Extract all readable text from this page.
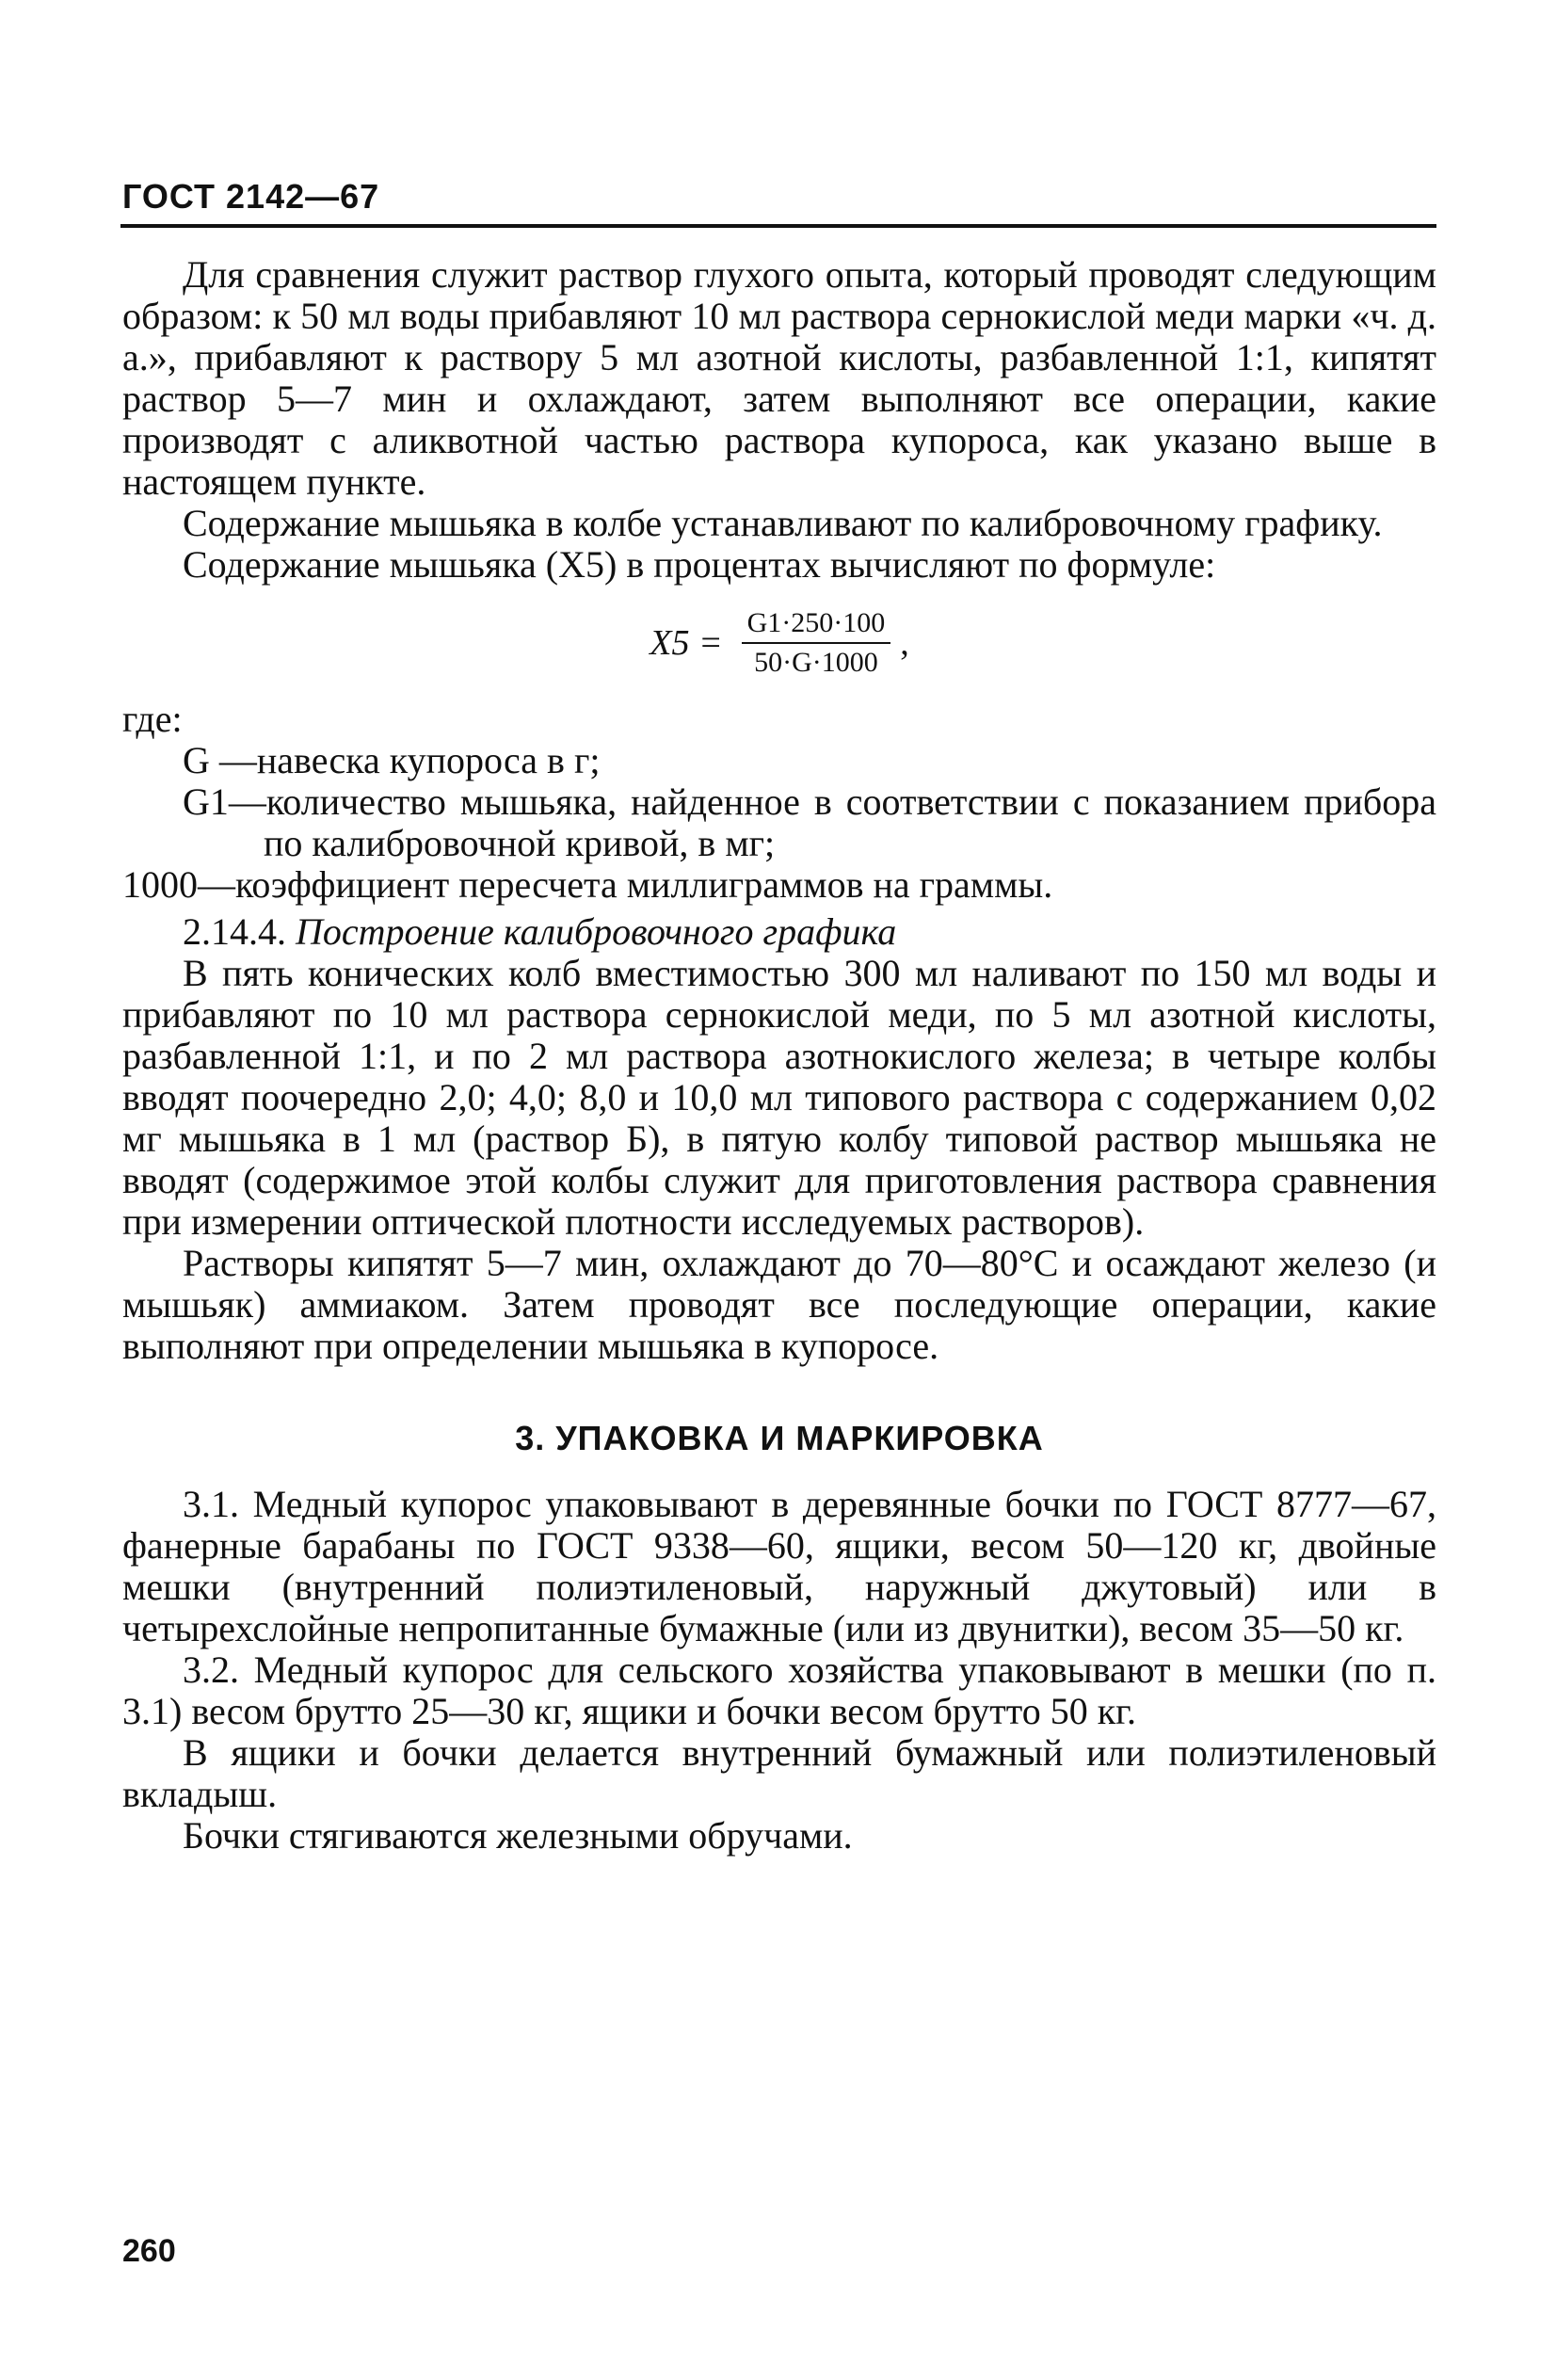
ГОСТ 2142—67

Для сравнения служит раствор глухого опыта, который проводят следующим образом: к 50 мл воды прибавляют 10 мл раствора сернокислой меди марки «ч. д. а.», прибавляют к раствору 5 мл азотной кислоты, разбавленной 1:1, кипятят раствор 5—7 мин и охлаждают, затем выполняют все операции, какие производят с аликвотной частью раствора купороса, как указано выше в настоящем пункте.

Содержание мышьяка в колбе устанавливают по калибровочному графику.

Содержание мышьяка (X5) в процентах вычисляют по формуле:

$X5 = \frac{G1\cdot 250\cdot 100}{50\cdot G\cdot 1000}$ ,

где:

G —навеска купороса в г;
G1—количество мышьяка, найденное в соответствии с показанием прибора по калибровочной кривой, в мг;
1000—коэффициент пересчета миллиграммов на граммы.

2.14.4. Построение калибровочного графика

В пять конических колб вместимостью 300 мл наливают по 150 мл воды и прибавляют по 10 мл раствора сернокислой меди, по 5 мл азотной кислоты, разбавленной 1:1, и по 2 мл раствора азотнокислого железа; в четыре колбы вводят поочередно 2,0; 4,0; 8,0 и 10,0 мл типового раствора с содержанием 0,02 мг мышьяка в 1 мл (раствор Б), в пятую колбу типовой раствор мышьяка не вводят (содержимое этой колбы служит для приготовления раствора сравнения при измерении оптической плотности исследуемых растворов).

Растворы кипятят 5—7 мин, охлаждают до 70—80°С и осаждают железо (и мышьяк) аммиаком. Затем проводят все последующие операции, какие выполняют при определении мышьяка в купоросе.

3. УПАКОВКА И МАРКИРОВКА

3.1. Медный купорос упаковывают в деревянные бочки по ГОСТ 8777—67, фанерные барабаны по ГОСТ 9338—60, ящики, весом 50—120 кг, двойные мешки (внутренний полиэтиленовый, наружный джутовый) или в четырехслойные непропитанные бумажные (или из двунитки), весом 35—50 кг.

3.2. Медный купорос для сельского хозяйства упаковывают в мешки (по п. 3.1) весом брутто 25—30 кг, ящики и бочки весом брутто 50 кг.

В ящики и бочки делается внутренний бумажный или полиэтиленовый вкладыш.

Бочки стягиваются железными обручами.

260
